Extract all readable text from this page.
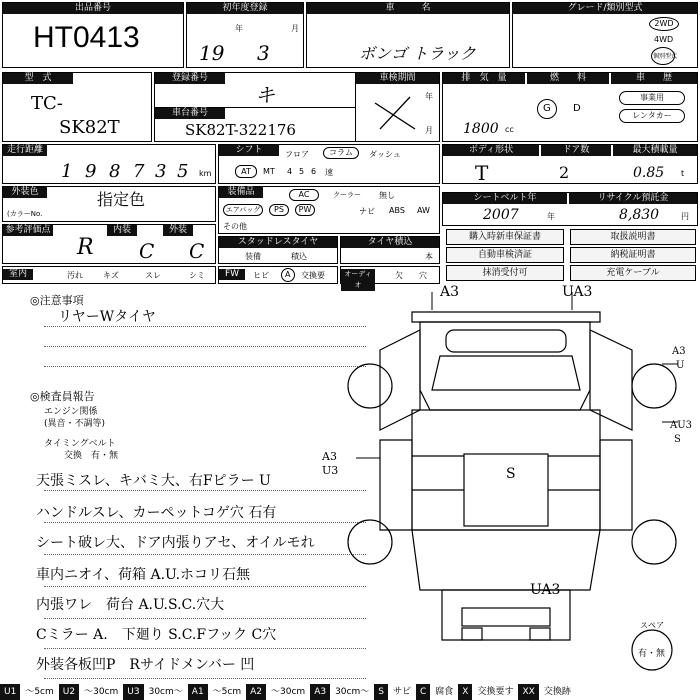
出品番号
HT0413
初年度登録
年	月
19 3
車　　　名
ボンゴ トラック
グレード/類別型式
2WD
4WD
個別型式
型　式
TC-
SK82T
登録番号
キ
車台番号
SK82T-322176
車検期間
年
月
排　気　量	燃　　料	車　　歴
1800 cc
G D
事業用
レンタカー
走行距離
1 9 8 7 3 5 km
シフト	フロア	コラム	ダッシュ
AT	MT 4 5 6 速
ボディ形状	ドア数	最大積載量
T	2	0.85 t
外装色	指定色
(カラーNo.
装備品	AC	クーラー 無し
エアバッグ	PS	PW	ナビ ABS AW
その他
シートベルト年	リサイクル預託金
2007	年	8,830	円
参考評価点	内装	外装
R C C	スタッドレスタイヤ
装備	積込
タイヤ積込
本
購入時新車保証書
自動車検済証
抹消受付可
取扱説明書
納税証明書
充電ケーブル
室内	汚れ	キズ	スレ	シミ	FW	ヒビ A 交換要	オーディオ
欠 穴
◎注意事項
リヤーWタイヤ
◎検査員報告
エンジン関係
(異音・不調等)
タイミングベルト
交換　有・無
天張ミスレ、キバミ大、右Fピラー U
ハンドルスレ、カーペットコゲ穴 石有
シート破レ大、ドア内張りアセ、オイルモれ
車内ニオイ、荷箱 A.U.ホコリ石無
内張ワレ　荷台 A.U.S.C.穴大
Cミラー A.　下廻り S.C.Fフック C穴
外装各板凹P　Rサイドメンバー 凹
A3	UA3
A3
U
AU3
S
A3
U3	S
UA3
スペア
有・無
U1	～5cm	U2	～30cm	U3	30cm～	A1	～5cm	A2	～30cm	A3	30cm～	S	サビ	C	腐食	X	交換要す	XX	交換跡
